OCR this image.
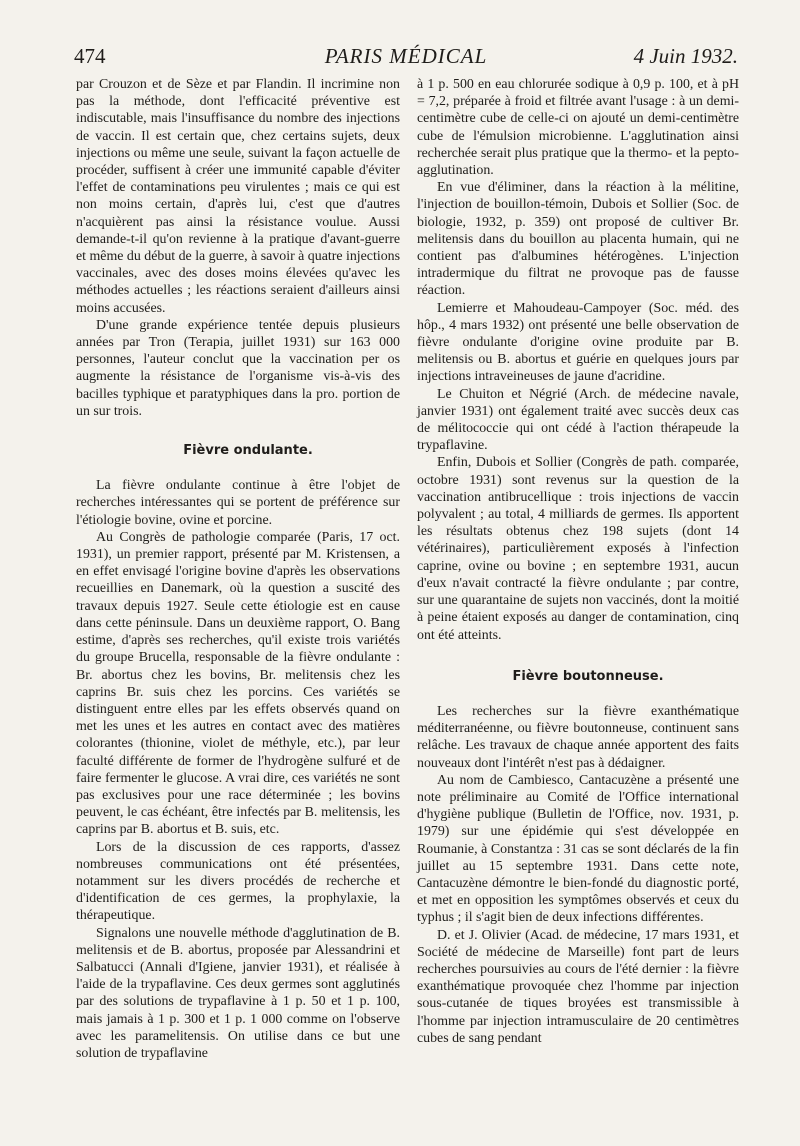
474	PARIS MÉDICAL	4 Juin 1932.

par Crouzon et de Sèze et par Flandin. Il incrimine non pas la méthode, dont l'efficacité préventive est indiscutable, mais l'insuffisance du nombre des injections de vaccin. Il est certain que, chez certains sujets, deux injections ou même une seule, suivant la façon actuelle de procéder, suffisent à créer une immunité capable d'éviter l'effet de contaminations peu virulentes ; mais ce qui est non moins certain, d'après lui, c'est que d'autres n'acquièrent pas ainsi la résistance voulue. Aussi demande-t-il qu'on revienne à la pratique d'avant-guerre et même du début de la guerre, à savoir à quatre injections vaccinales, avec des doses moins élevées qu'avec les méthodes actuelles ; les réactions seraient d'ailleurs ainsi moins accusées.

D'une grande expérience tentée depuis plusieurs années par Tron (Terapia, juillet 1931) sur 163 000 personnes, l'auteur conclut que la vaccination per os augmente la résistance de l'organisme vis-à-vis des bacilles typhique et paratyphiques dans la pro. portion de un sur trois.

Fièvre ondulante.

La fièvre ondulante continue à être l'objet de recherches intéressantes qui se portent de préférence sur l'étiologie bovine, ovine et porcine.

Au Congrès de pathologie comparée (Paris, 17 oct. 1931), un premier rapport, présenté par M. Kristensen, a en effet envisagé l'origine bovine d'après les observations recueillies en Danemark, où la question a suscité des travaux depuis 1927. Seule cette étiologie est en cause dans cette péninsule. Dans un deuxième rapport, O. Bang estime, d'après ses recherches, qu'il existe trois variétés du groupe Brucella, responsable de la fièvre ondulante : Br. abortus chez les bovins, Br. melitensis chez les caprins Br. suis chez les porcins. Ces variétés se distinguent entre elles par les effets observés quand on met les unes et les autres en contact avec des matières colorantes (thionine, violet de méthyle, etc.), par leur faculté différente de former de l'hydrogène sulfuré et de faire fermenter le glucose. A vrai dire, ces variétés ne sont pas exclusives pour une race déterminée ; les bovins peuvent, le cas échéant, être infectés par B. melitensis, les caprins par B. abortus et B. suis, etc.

Lors de la discussion de ces rapports, d'assez nombreuses communications ont été présentées, notamment sur les divers procédés de recherche et d'identification de ces germes, la prophylaxie, la thérapeutique.

Signalons une nouvelle méthode d'agglutination de B. melitensis et de B. abortus, proposée par Alessandrini et Salbatucci (Annali d'Igiene, janvier 1931), et réalisée à l'aide de la trypaflavine. Ces deux germes sont agglutinés par des solutions de trypaflavine à 1 p. 50 et 1 p. 100, mais jamais à 1 p. 300 et 1 p. 1 000 comme on l'observe avec les paramelitensis. On utilise dans ce but une solution de trypaflavine

à 1 p. 500 en eau chlorurée sodique à 0,9 p. 100, et à pH = 7,2, préparée à froid et filtrée avant l'usage : à un demi-centimètre cube de celle-ci on ajouté un demi-centimètre cube de l'émulsion microbienne. L'agglutination ainsi recherchée serait plus pratique que la thermo- et la pepto-agglutination.

En vue d'éliminer, dans la réaction à la mélitine, l'injection de bouillon-témoin, Dubois et Sollier (Soc. de biologie, 1932, p. 359) ont proposé de cultiver Br. melitensis dans du bouillon au placenta humain, qui ne contient pas d'albumines hétérogènes. L'injection intradermique du filtrat ne provoque pas de fausse réaction.

Lemierre et Mahoudeau-Campoyer (Soc. méd. des hôp., 4 mars 1932) ont présenté une belle observation de fièvre ondulante d'origine ovine produite par B. melitensis ou B. abortus et guérie en quelques jours par injections intraveineuses de jaune d'acridine.

Le Chuiton et Négrié (Arch. de médecine navale, janvier 1931) ont également traité avec succès deux cas de mélitococcie qui ont cédé à l'action thérapeude la trypaflavine.

Enfin, Dubois et Sollier (Congrès de path. comparée, octobre 1931) sont revenus sur la question de la vaccination antibrucellique : trois injections de vaccin polyvalent ; au total, 4 milliards de germes. Ils apportent les résultats obtenus chez 198 sujets (dont 14 vétérinaires), particulièrement exposés à l'infection caprine, ovine ou bovine ; en septembre 1931, aucun d'eux n'avait contracté la fièvre ondulante ; par contre, sur une quarantaine de sujets non vaccinés, dont la moitié à peine étaient exposés au danger de contamination, cinq ont été atteints.

Fièvre boutonneuse.

Les recherches sur la fièvre exanthématique méditerranéenne, ou fièvre boutonneuse, continuent sans relâche. Les travaux de chaque année apportent des faits nouveaux dont l'intérêt n'est pas à dédaigner.

Au nom de Cambiesco, Cantacuzène a présenté une note préliminaire au Comité de l'Office international d'hygiène publique (Bulletin de l'Office, nov. 1931, p. 1979) sur une épidémie qui s'est développée en Roumanie, à Constantza : 31 cas se sont déclarés de la fin juillet au 15 septembre 1931. Dans cette note, Cantacuzène démontre le bien-fondé du diagnostic porté, et met en opposition les symptômes observés et ceux du typhus ; il s'agit bien de deux infections différentes.

D. et J. Olivier (Acad. de médecine, 17 mars 1931, et Société de médecine de Marseille) font part de leurs recherches poursuivies au cours de l'été dernier : la fièvre exanthématique provoquée chez l'homme par injection sous-cutanée de tiques broyées est transmissible à l'homme par injection intramusculaire de 20 centimètres cubes de sang pendant
